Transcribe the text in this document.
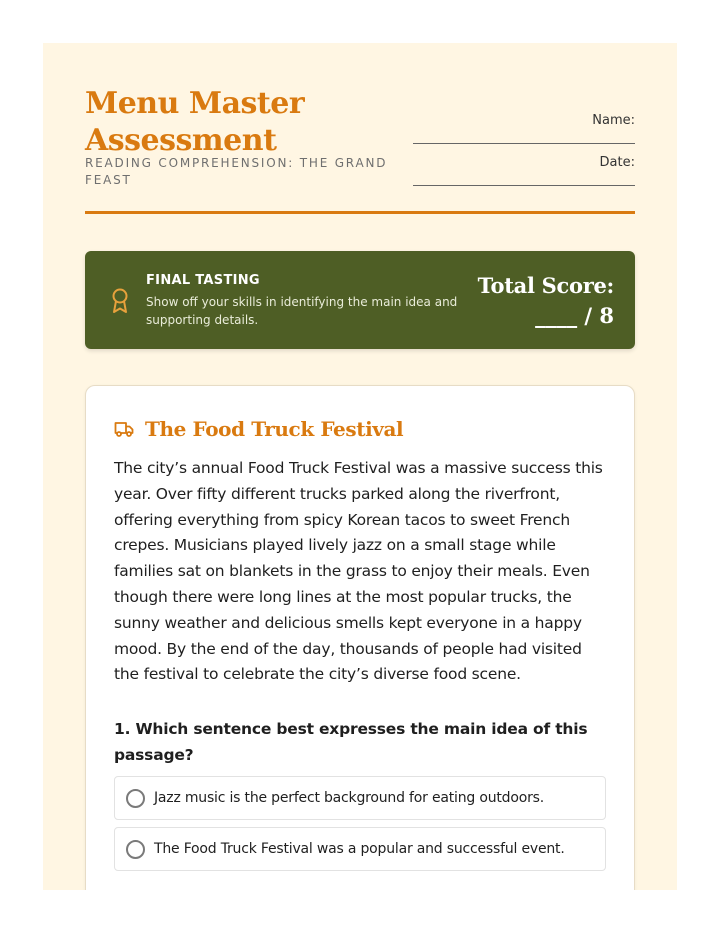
Menu Master Assessment
READING COMPREHENSION: THE GRAND FEAST
Name:
Date:
FINAL TASTING
Show off your skills in identifying the main idea and supporting details.
Total Score:
____ / 8
The Food Truck Festival

The city’s annual Food Truck Festival was a massive success this year. Over fifty different trucks parked along the riverfront, offering everything from spicy Korean tacos to sweet French crepes. Musicians played lively jazz on a small stage while families sat on blankets in the grass to enjoy their meals. Even though there were long lines at the most popular trucks, the sunny weather and delicious smells kept everyone in a happy mood. By the end of the day, thousands of people had visited the festival to celebrate the city’s diverse food scene.

1. Which sentence best expresses the main idea of this passage?
Jazz music is the perfect background for eating outdoors.
The Food Truck Festival was a popular and successful event.
